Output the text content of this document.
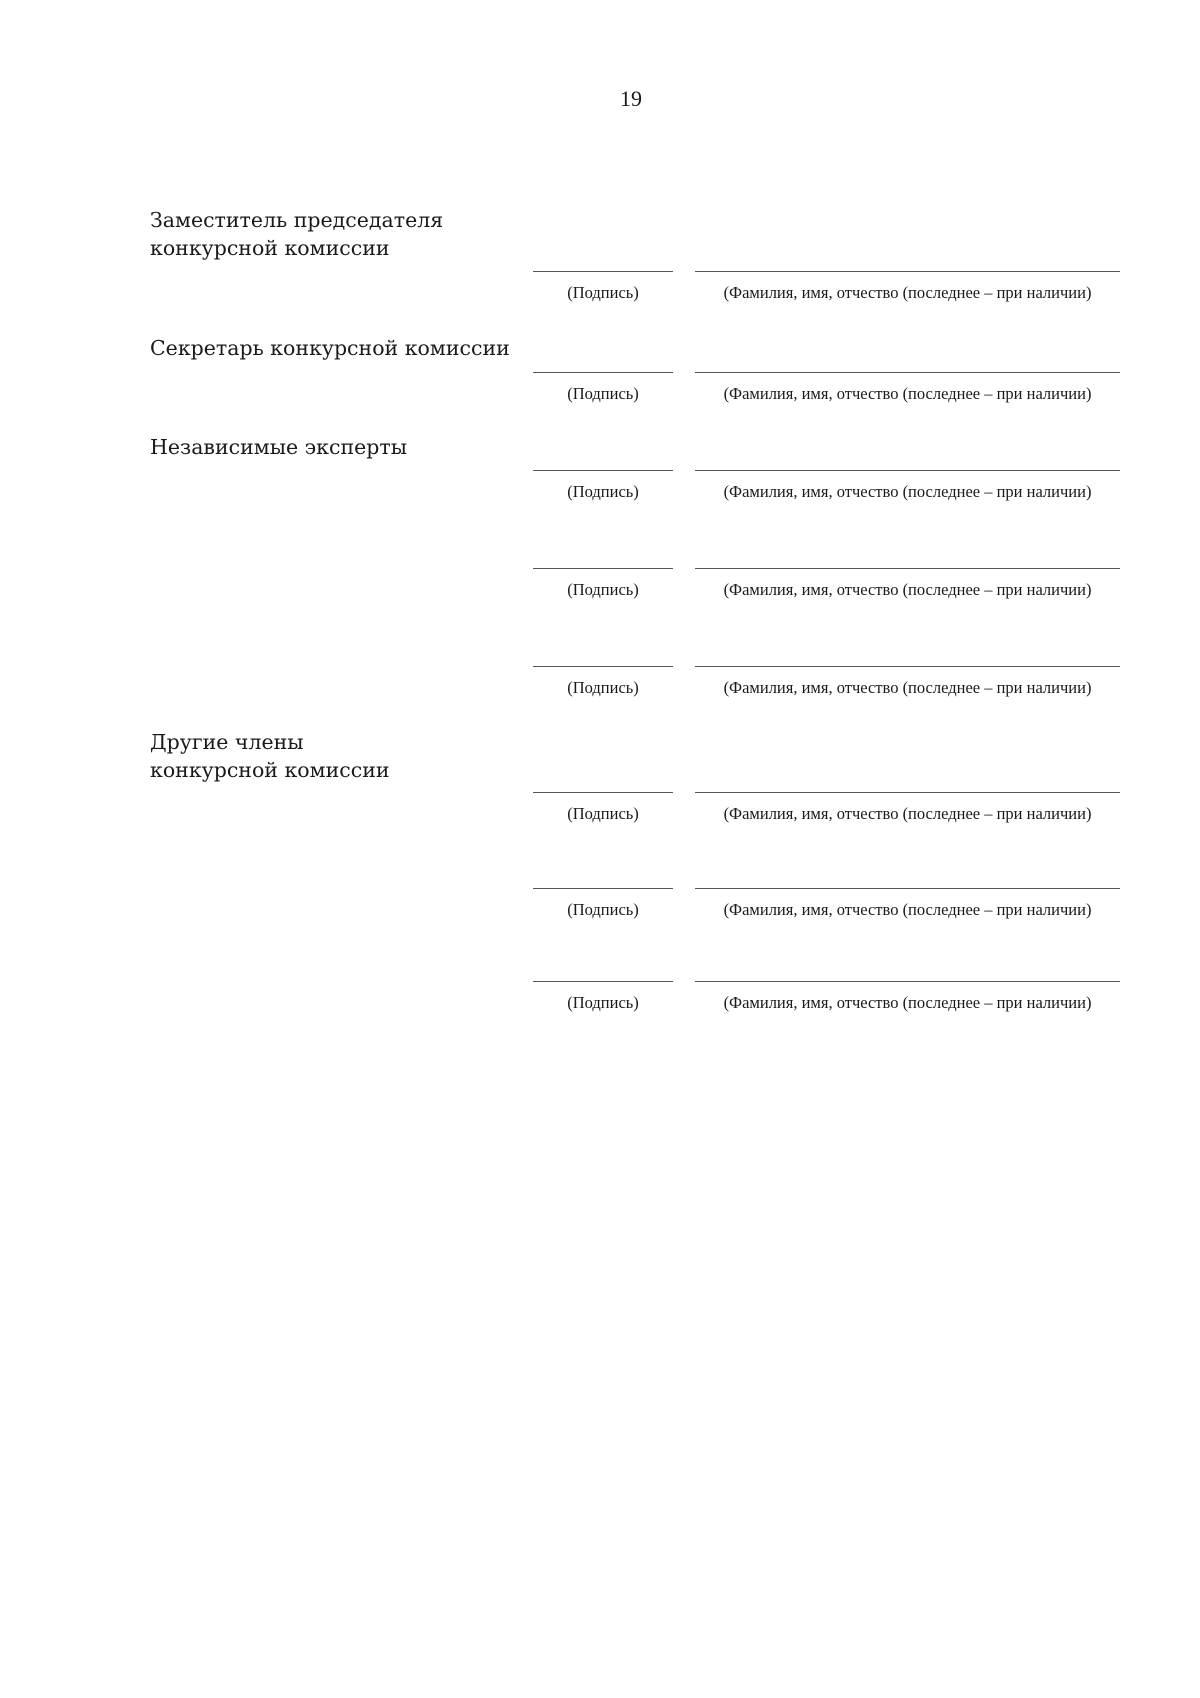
19
Заместитель председателя
конкурсной комиссии
(Подпись)	(Фамилия, имя, отчество (последнее – при наличии)
Секретарь конкурсной комиссии
(Подпись)	(Фамилия, имя, отчество (последнее – при наличии)
Независимые эксперты
(Подпись)	(Фамилия, имя, отчество (последнее – при наличии)
(Подпись)	(Фамилия, имя, отчество (последнее – при наличии)
(Подпись)	(Фамилия, имя, отчество (последнее – при наличии)
Другие члены
конкурсной комиссии
(Подпись)	(Фамилия, имя, отчество (последнее – при наличии)
(Подпись)	(Фамилия, имя, отчество (последнее – при наличии)
(Подпись)	(Фамилия, имя, отчество (последнее – при наличии)
